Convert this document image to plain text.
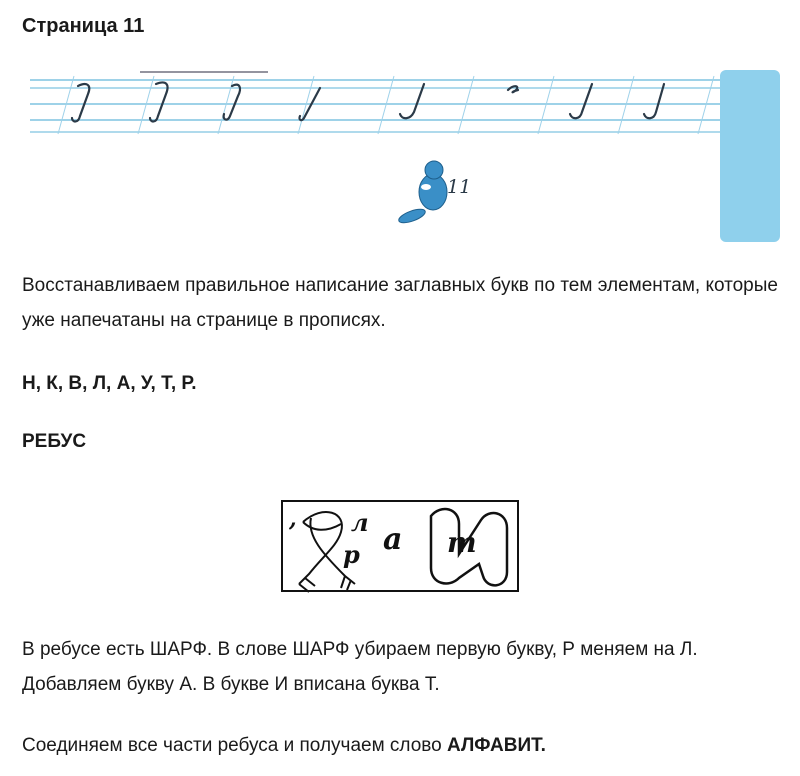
Страница 11
11

Восстанавливаем правильное написание заглавных букв по тем элементам, которые уже напечатаны на странице в прописях.

Н, К, В, Л, А, У, Т, Р.

РЕБУС

, л
р а т

В ребусе есть ШАРФ. В слове ШАРФ убираем первую букву, Р меняем на Л.
Добавляем букву А. В букве И вписана буква Т.

Соединяем все части ребуса и получаем слово АЛФАВИТ.
